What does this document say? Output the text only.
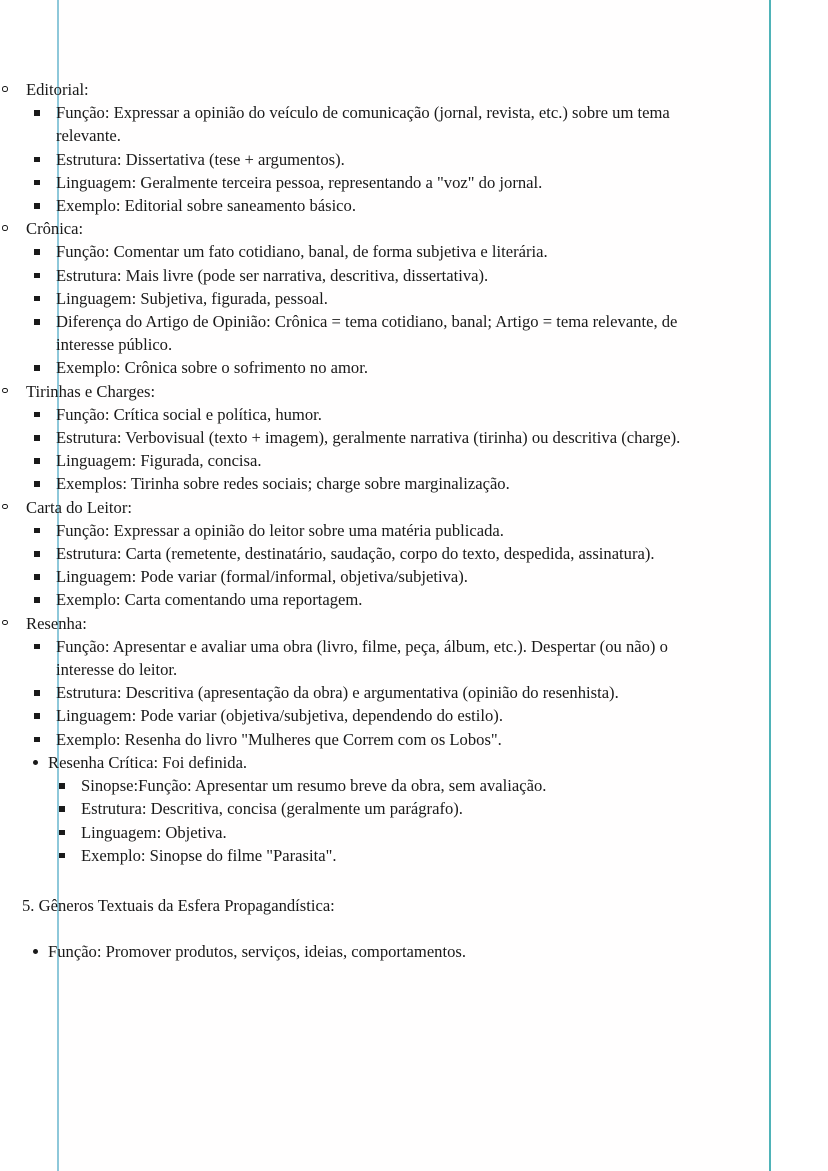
Editorial:
Função: Expressar a opinião do veículo de comunicação (jornal, revista, etc.) sobre um tema relevante.
Estrutura: Dissertativa (tese + argumentos).
Linguagem: Geralmente terceira pessoa, representando a "voz" do jornal.
Exemplo: Editorial sobre saneamento básico.
Crônica:
Função: Comentar um fato cotidiano, banal, de forma subjetiva e literária.
Estrutura: Mais livre (pode ser narrativa, descritiva, dissertativa).
Linguagem: Subjetiva, figurada, pessoal.
Diferença do Artigo de Opinião: Crônica = tema cotidiano, banal; Artigo = tema relevante, de interesse público.
Exemplo: Crônica sobre o sofrimento no amor.
Tirinhas e Charges:
Função: Crítica social e política, humor.
Estrutura: Verbovisual (texto + imagem), geralmente narrativa (tirinha) ou descritiva (charge).
Linguagem: Figurada, concisa.
Exemplos: Tirinha sobre redes sociais; charge sobre marginalização.
Carta do Leitor:
Função: Expressar a opinião do leitor sobre uma matéria publicada.
Estrutura: Carta (remetente, destinatário, saudação, corpo do texto, despedida, assinatura).
Linguagem: Pode variar (formal/informal, objetiva/subjetiva).
Exemplo: Carta comentando uma reportagem.
Resenha:
Função: Apresentar e avaliar uma obra (livro, filme, peça, álbum, etc.). Despertar (ou não) o interesse do leitor.
Estrutura: Descritiva (apresentação da obra) e argumentativa (opinião do resenhista).
Linguagem: Pode variar (objetiva/subjetiva, dependendo do estilo).
Exemplo: Resenha do livro "Mulheres que Correm com os Lobos".
Resenha Crítica: Foi definida.
Sinopse:Função: Apresentar um resumo breve da obra, sem avaliação.
Estrutura: Descritiva, concisa (geralmente um parágrafo).
Linguagem: Objetiva.
Exemplo: Sinopse do filme "Parasita".

5. Gêneros Textuais da Esfera Propagandística:

Função: Promover produtos, serviços, ideias, comportamentos.
